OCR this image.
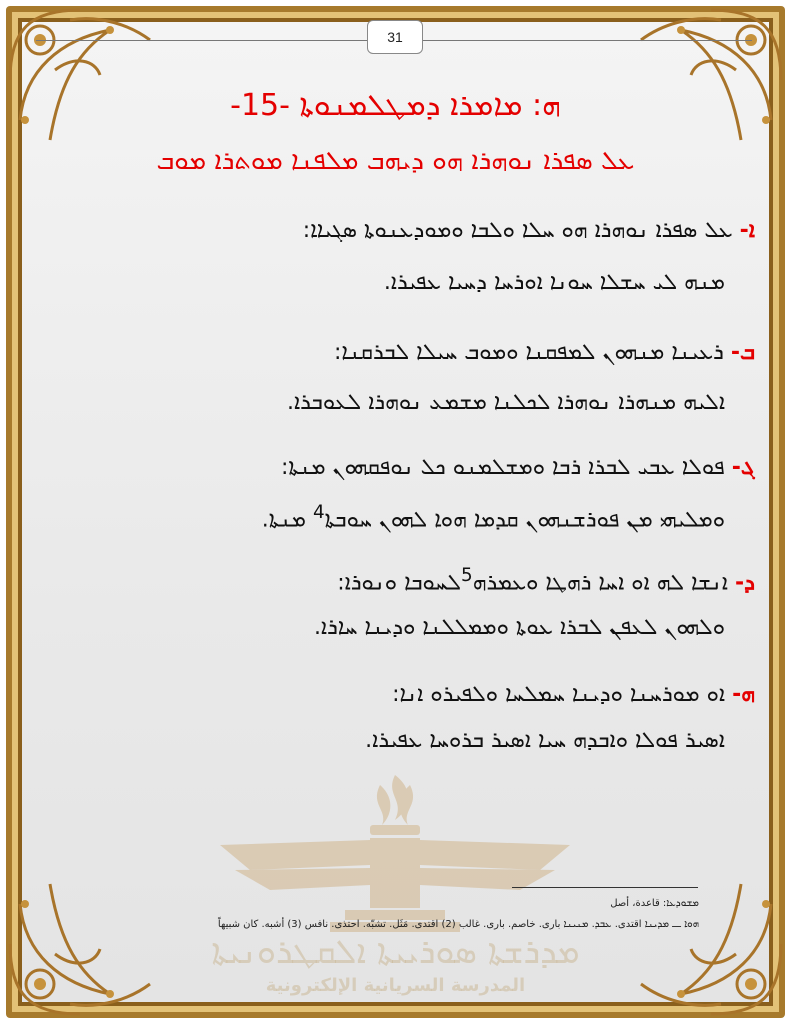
31
ܗ: ܡܐܡܪܐ ܕܡܛܠܡܢܘܬܐ -15-
ܥܠ ܣܦܪܐ ܢܘܗܪܐ ܗܘ ܕܝܗܒ ܡܠܦܢܐ ܡܘܬܪܐ ܡܘܒ
ܐ- ܥܠ ܣܦܪܐ ܢܘܗܪܐ ܗܘ ܚܠܐ ܘܠܒܐ ܘܡܘܕܥܢܘܬܐ ܣܓܝܐܐ:
ܡܢܗ ܠܝ ܚܫܠܐ ܚܘܢܐ ܐܘܪܚܐ ܕܚܝܐ ܥܦܝܪܐ.
ܒ- ܪܥܝܢܐ ܡܢܗܘܢ ܠܡܦܩܢܐ ܘܡܘܒ ܚܝܠܐ ܠܒܪܩܢܐ:
ܐܠܝܗ ܡܢܗܪܐ ܢܘܗܪܐ ܠܟܠܢܐ ܡܫܡܥ ܢܘܗܪܐ ܠܥܘܒܪܐ.
ܓ- ܦܘܠܐ ܥܒܝ ܠܒܪܐ ܪܒܐ ܘܡܫܠܡܢܘ ܟܠ ܢܘܦܩܗܘܢ ܡܢܬܐ:
ܘܡܠܝܗܝ ܡܢ ܦܘܪܫܢܗܘܢ ܩܕܡܐ ܗܘܐ ܠܗܘܢ ܚܘܒܬܐ$^4$ ܡܢܬܐ.
ܕ- ܐܢܫܐ ܠܗ ܐܘ ܐܚܐ ܪܗܛܐ ܘܥܡܪܗ$^5$ܠܚܘܒܐ ܘܢܘܪܐ:
ܘܠܗܘܢ ܠܥܦܢ ܠܒܪܐ ܥܘܬܐ ܘܡܡܠܠܢܐ ܘܕܝܢܐ ܚܐܪܐ.
ܗ- ܐܘ ܡܘܪܚܢܐ ܘܕܝܢܐ ܚܡܠܚܐ ܘܠܦܝܪܘ ܐܢܐ:
ܐܣܝܪ ܦܘܠܐ ܘܐܒܕܗ ܚܝܐ ܐܣܝܪ ܒܪܘܚܐ ܥܦܝܪܐ.
ܡܕܪܫܬܐ ܣܘܪܝܝܬܐ ܐܠܩܛܪܘܢܝܬܐ
المدرسة السريانية الإلكترونية
ܡܫܘܕܥܐ: قاعدة، أصل
ܗܘܐ ـــ ܡܕܝܢܐ اقتدى. ܥܒܕ. ܡܢܝܢܐ بارى. خاصم. بارى. غالب (2) اقتدى. مَثَل. تشبّه. احتذى. نافس (3) أشبه. كان شبيهاً
